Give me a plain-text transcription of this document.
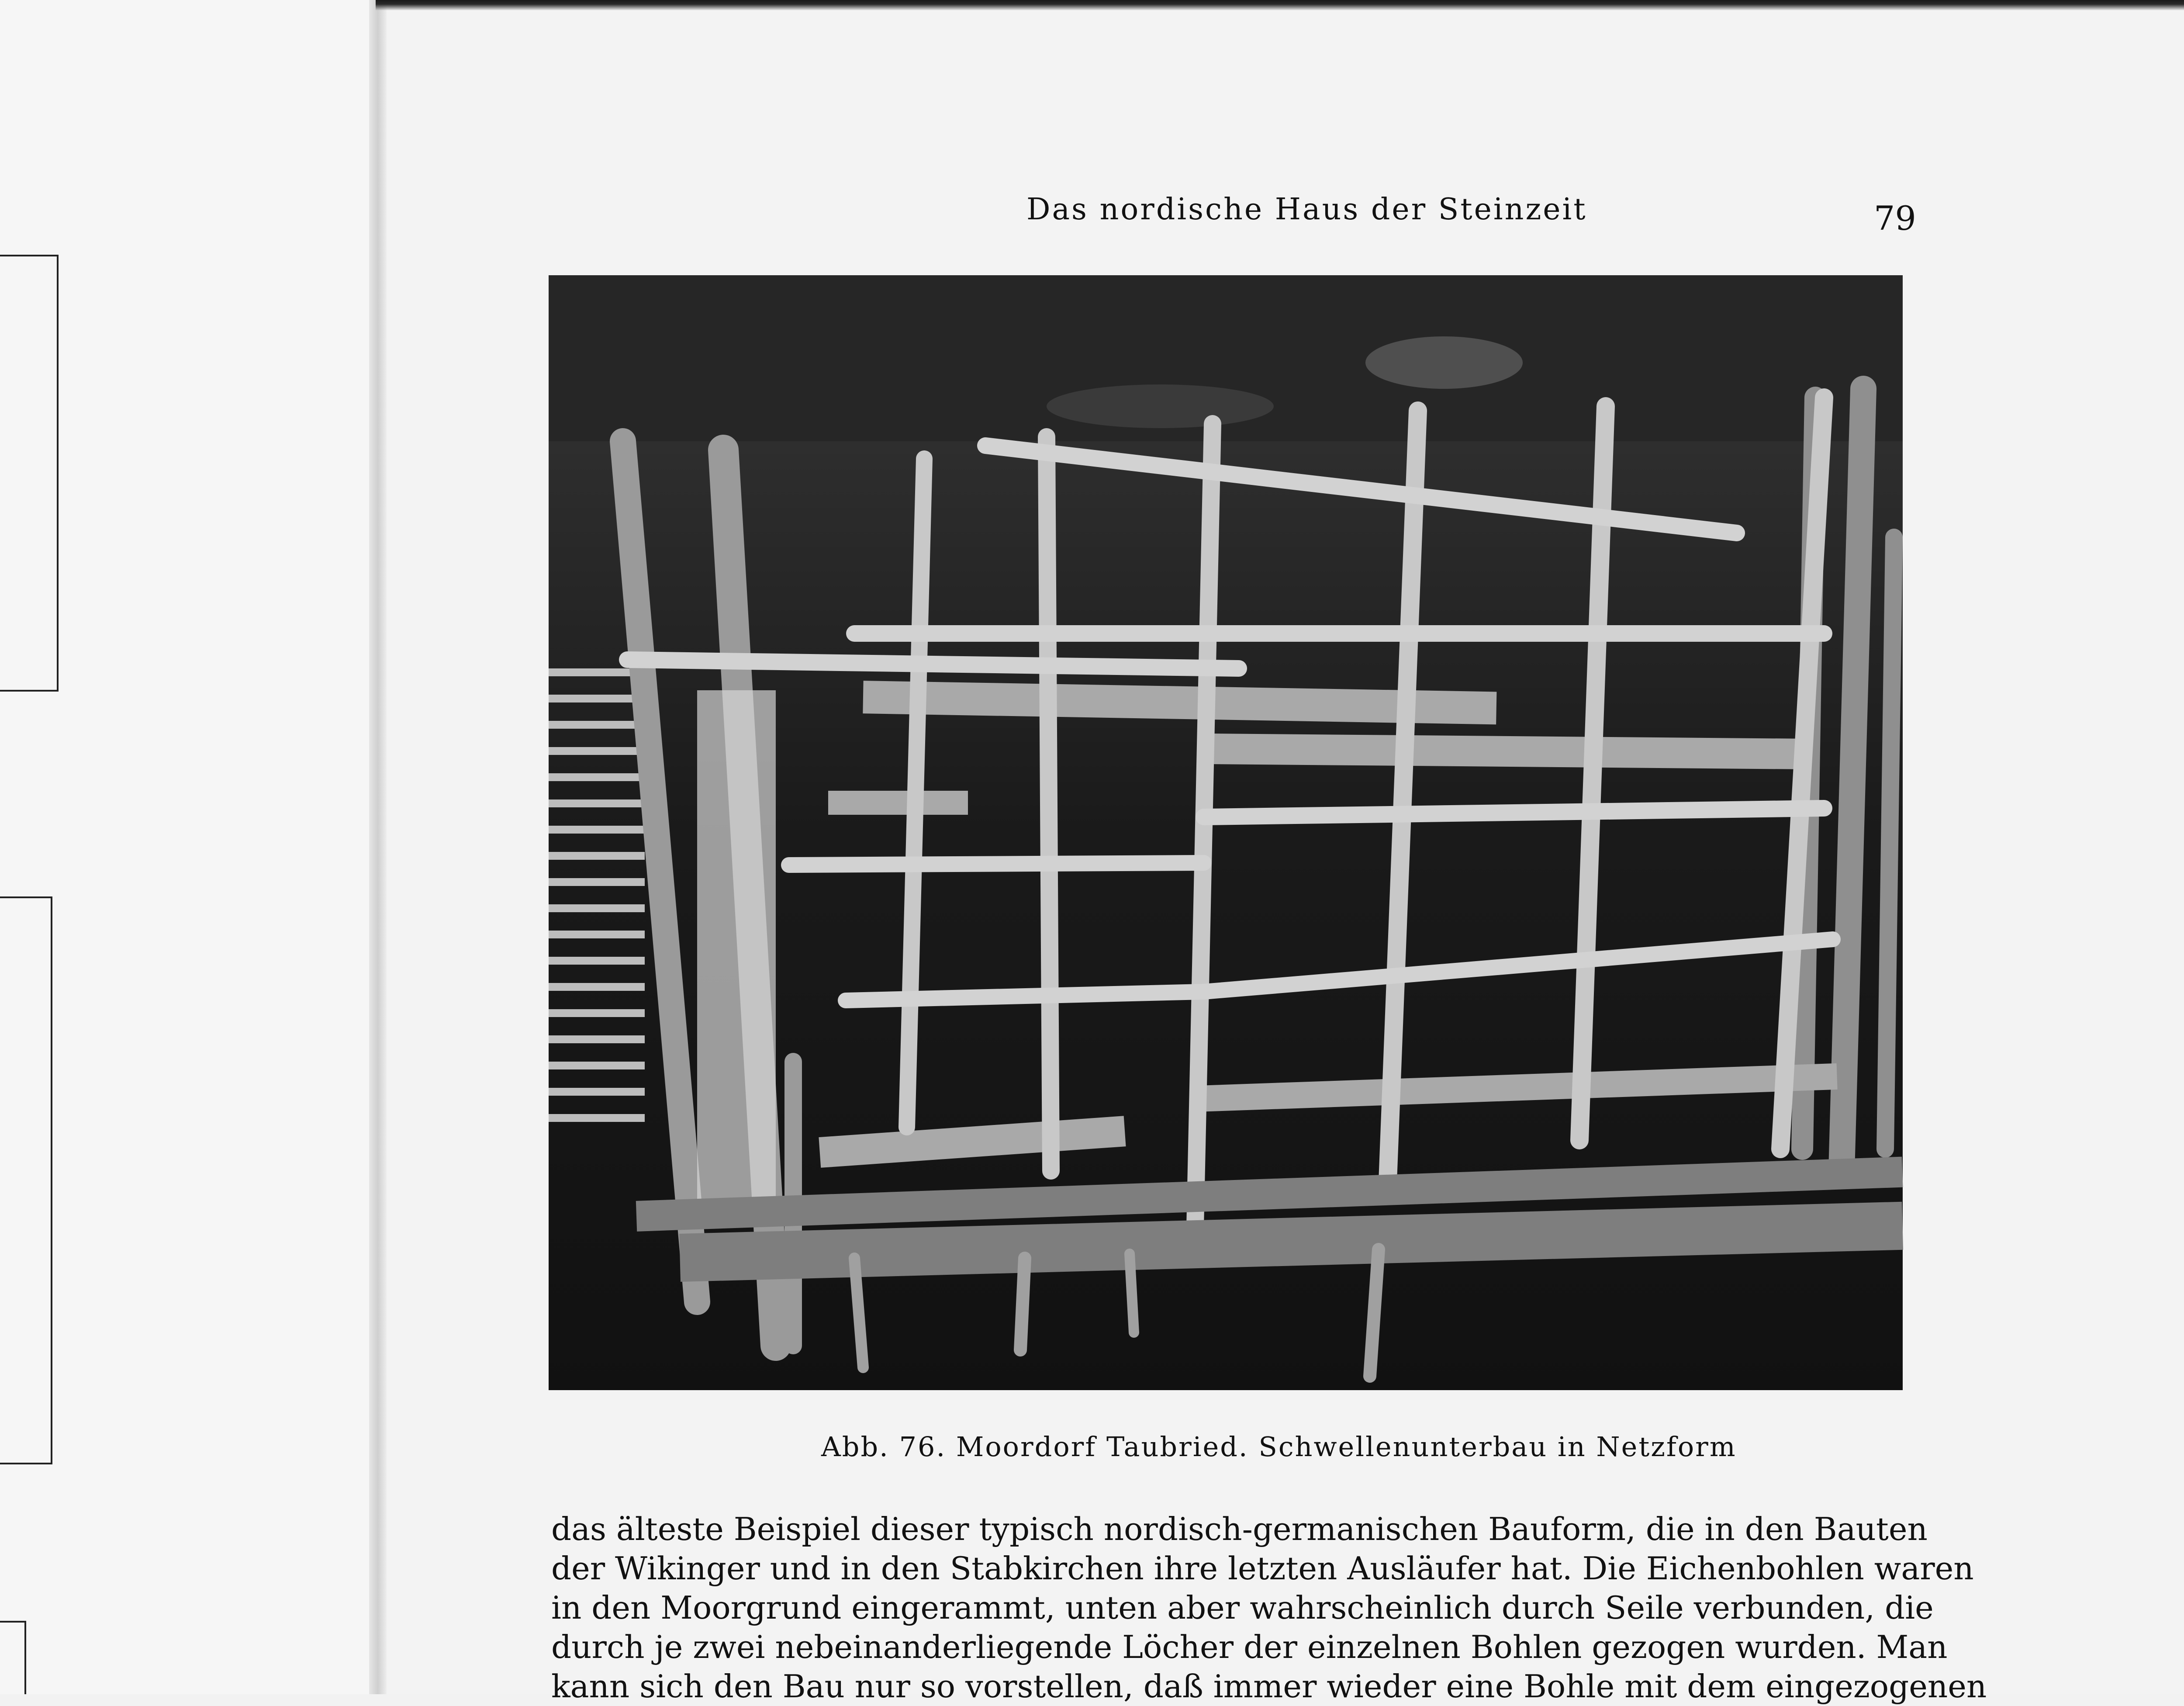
Das nordische Haus der Steinzeit	79
Abb. 76. Moordorf Taubried. Schwellenunterbau in Netzform
das älteste Beispiel dieser typisch nordisch-germanischen Bauform, die in den Bauten
der Wikinger und in den Stabkirchen ihre letzten Ausläufer hat. Die Eichenbohlen waren
in den Moorgrund eingerammt, unten aber wahrscheinlich durch Seile verbunden, die
durch je zwei nebeinanderliegende Löcher der einzelnen Bohlen gezogen wurden. Man
